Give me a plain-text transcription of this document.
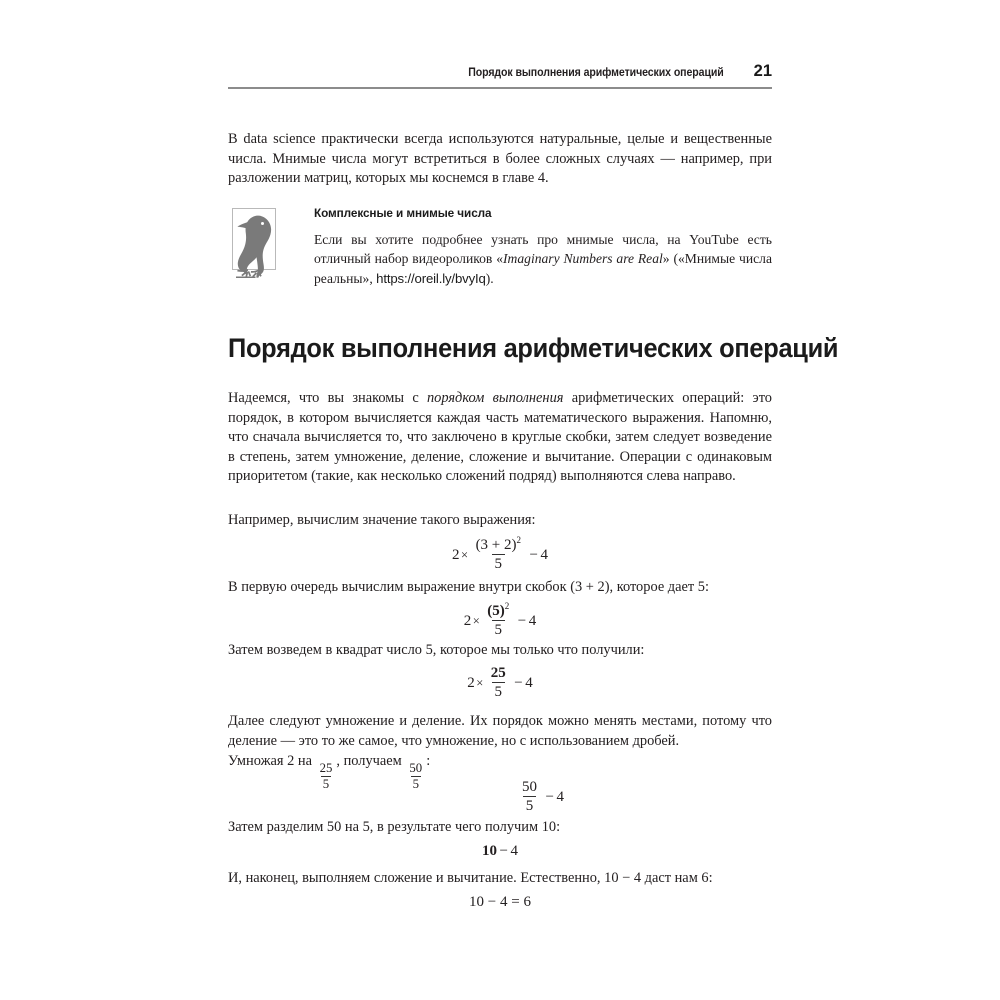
Порядок выполнения арифметических операций 21

В data science практически всегда используются натуральные, целые и вещественные числа. Мнимые числа могут встретиться в более сложных случаях — например, при разложении матриц, которых мы коснемся в главе 4.

Комплексные и мнимые числа

Если вы хотите подробнее узнать про мнимые числа, на YouTube есть отличный набор видеороликов «Imaginary Numbers are Real» («Мнимые числа реальны», https://oreil.ly/bvyIq).

Порядок выполнения арифметических операций

Надеемся, что вы знакомы с порядком выполнения арифметических операций: это порядок, в котором вычисляется каждая часть математического выражения. Напомню, что сначала вычисляется то, что заключено в круглые скобки, затем следует возведение в степень, затем умножение, деление, сложение и вычитание. Операции с одинаковым приоритетом (такие, как несколько сложений подряд) выполняются слева направо.

Например, вычислим значение такого выражения:

$2 \times \frac{(3 + 2)^2}{5} - 4$

В первую очередь вычислим выражение внутри скобок (3 + 2), которое дает 5:

$2 \times \frac{(5)^2}{5} - 4$

Затем возведем в квадрат число 5, которое мы только что получили:

$2 \times \frac{25}{5} - 4$

Далее следуют умножение и деление. Их порядок можно менять местами, потому что деление — это то же самое, что умножение, но с использованием дробей.

Умножая 2 на
$\frac{25}{5}$
, получаем
$\frac{50}{5}$
:

$\frac{50}{5} - 4$

Затем разделим 50 на 5, в результате чего получим 10:

10 − 4

И, наконец, выполняем сложение и вычитание. Естественно, 10 − 4 даст нам 6:

10 − 4 = 6
